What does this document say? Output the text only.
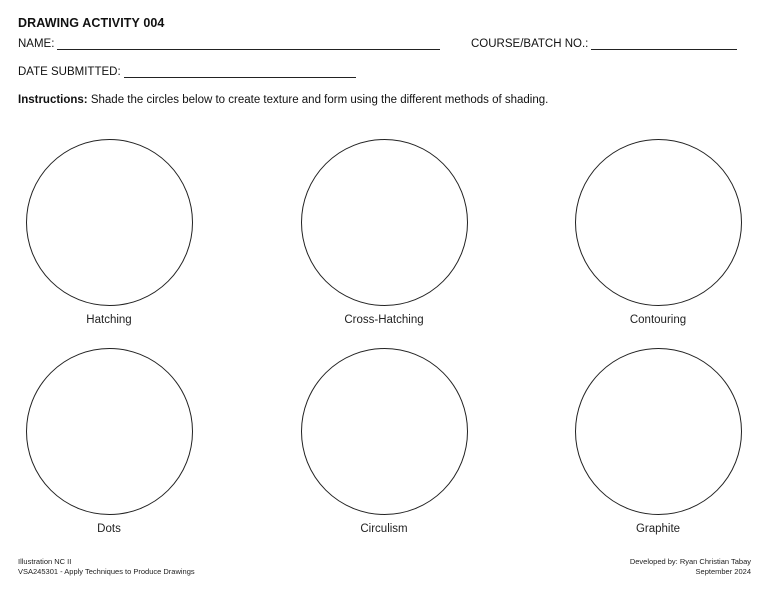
DRAWING ACTIVITY 004
NAME:	COURSE/BATCH NO.:
DATE SUBMITTED:
Instructions: Shade the circles below to create texture and form using the different methods of shading.
Hatching	Cross-Hatching	Contouring
Dots	Circulism	Graphite
Illustration NC II
VSA245301 - Apply Techniques to Produce Drawings
Developed by: Ryan Christian Tabay
September 2024
